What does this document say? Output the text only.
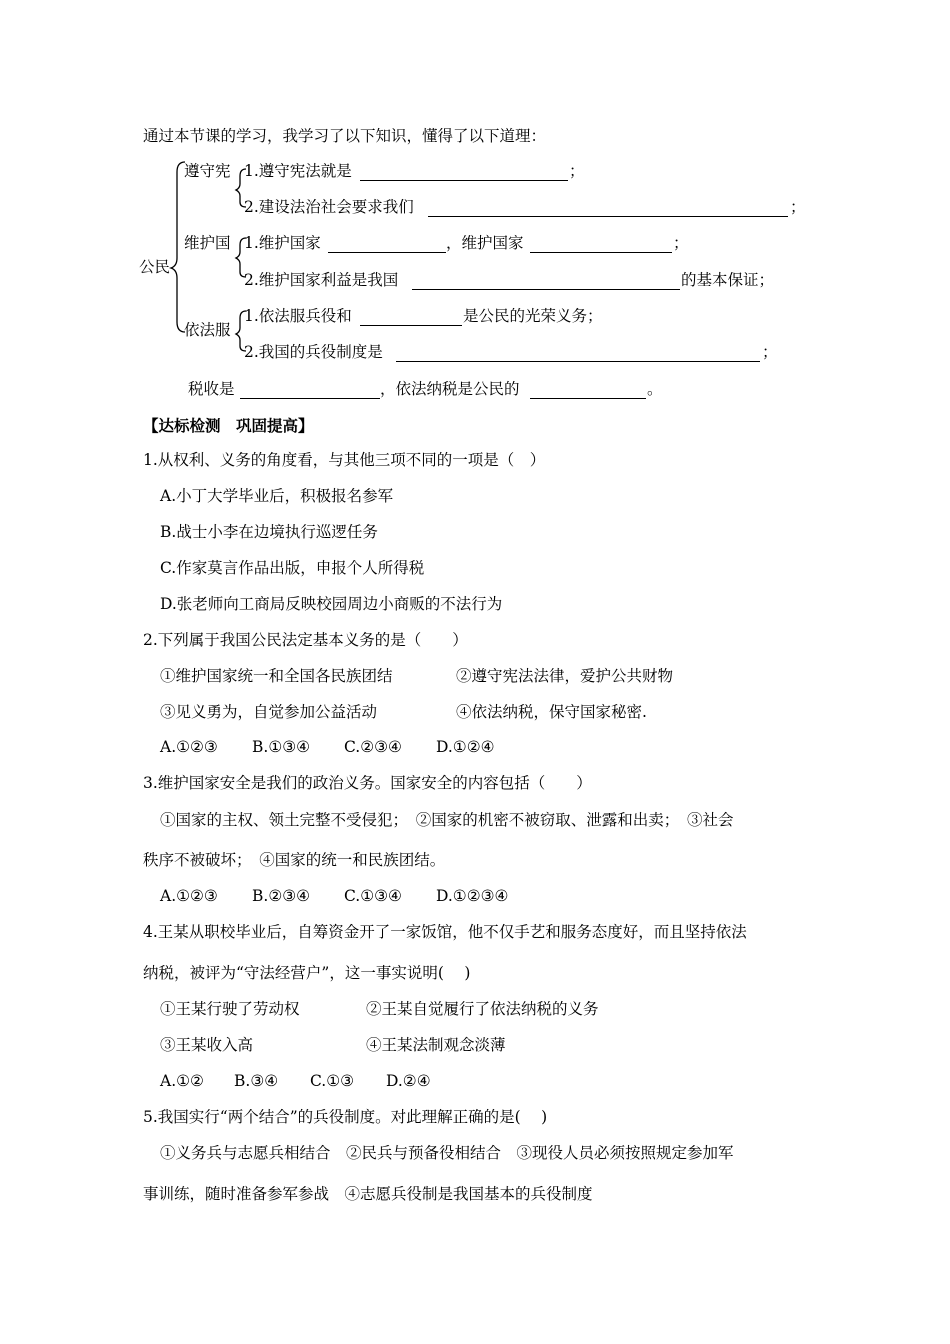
通过本节课的学习，我学习了以下知识，懂得了以下道理：
公民
遵守宪 1.遵守宪法就是	；
2.建设法治社会要求我们	；
维护国 1.维护国家	，维护国家	；
2.维护国家利益是我国	的基本保证；
依法服
1.依法服兵役和	是公民的光荣义务；
2.我国的兵役制度是	；
税收是	，依法纳税是公民的	。
【达标检测　巩固提高】
1.从权利、义务的角度看，与其他三项不同的一项是（　）
A.小丁大学毕业后，积极报名参军
B.战士小李在边境执行巡逻任务
C.作家莫言作品出版，申报个人所得税
D.张老师向工商局反映校园周边小商贩的不法行为
2.下列属于我国公民法定基本义务的是（　　）
①维护国家统一和全国各民族团结	②遵守宪法法律，爱护公共财物
③见义勇为，自觉参加公益活动	④依法纳税，保守国家秘密.
A.①②③ B.①③④ C.②③④ D.①②④
3.维护国家安全是我们的政治义务。国家安全的内容包括（　　）
①国家的主权、领土完整不受侵犯；　②国家的机密不被窃取、泄露和出卖；　③社会
秩序不被破坏；　④国家的统一和民族团结。
A.①②③ B.②③④ C.①③④ D.①②③④
4.王某从职校毕业后，自筹资金开了一家饭馆，他不仅手艺和服务态度好，而且坚持依法
纳税，被评为“守法经营户”，这一事实说明(　 )
①王某行驶了劳动权	②王某自觉履行了依法纳税的义务
③王某收入高	④王某法制观念淡薄
A.①② B.③④ C.①③ D.②④
5.我国实行“两个结合”的兵役制度。对此理解正确的是(　 )
①义务兵与志愿兵相结合　②民兵与预备役相结合　③现役人员必须按照规定参加军
事训练，随时准备参军参战　④志愿兵役制是我国基本的兵役制度
